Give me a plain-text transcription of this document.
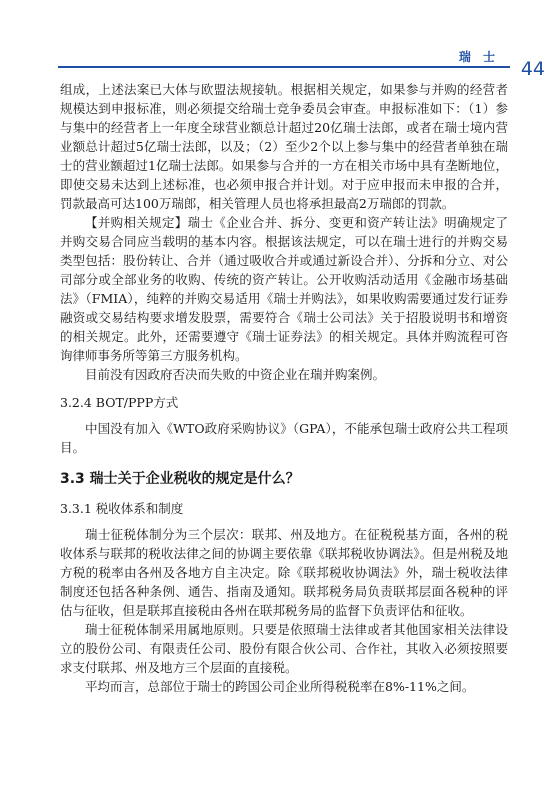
瑞 士
44

组成，上述法案已大体与欧盟法规接轨。根据相关规定，如果参与并购的经营者规模达到申报标准，则必须提交给瑞士竞争委员会审查。申报标准如下：（1）参与集中的经营者上一年度全球营业额总计超过20亿瑞士法郎，或者在瑞士境内营业额总计超过5亿瑞士法郎，以及；（2）至少2个以上参与集中的经营者单独在瑞士的营业额超过1亿瑞士法郎。如果参与合并的一方在相关市场中具有垄断地位，即使交易未达到上述标准，也必须申报合并计划。对于应申报而未申报的合并，罚款最高可达100万瑞郎，相关管理人员也将承担最高2万瑞郎的罚款。

【并购相关规定】瑞士《企业合并、拆分、变更和资产转让法》明确规定了并购交易合同应当载明的基本内容。根据该法规定，可以在瑞士进行的并购交易类型包括：股份转让、合并（通过吸收合并或通过新设合并）、分拆和分立、对公司部分或全部业务的收购、传统的资产转让。公开收购活动适用《金融市场基础法》（FMIA），纯粹的并购交易适用《瑞士并购法》，如果收购需要通过发行证券融资或交易结构要求增发股票，需要符合《瑞士公司法》关于招股说明书和增资的相关规定。此外，还需要遵守《瑞士证券法》的相关规定。具体并购流程可咨询律师事务所等第三方服务机构。

目前没有因政府否决而失败的中资企业在瑞并购案例。

3.2.4 BOT/PPP方式

中国没有加入《WTO政府采购协议》（GPA），不能承包瑞士政府公共工程项目。

3.3 瑞士关于企业税收的规定是什么？
3.3.1 税收体系和制度

瑞士征税体制分为三个层次：联邦、州及地方。在征税税基方面，各州的税收体系与联邦的税收法律之间的协调主要依靠《联邦税收协调法》。但是州税及地方税的税率由各州及各地方自主决定。除《联邦税收协调法》外，瑞士税收法律制度还包括各种条例、通告、指南及通知。联邦税务局负责联邦层面各税种的评估与征收，但是联邦直接税由各州在联邦税务局的监督下负责评估和征收。

瑞士征税体制采用属地原则。只要是依照瑞士法律或者其他国家相关法律设立的股份公司、有限责任公司、股份有限合伙公司、合作社，其收入必须按照要求支付联邦、州及地方三个层面的直接税。

平均而言，总部位于瑞士的跨国公司企业所得税税率在8%-11%之间。
